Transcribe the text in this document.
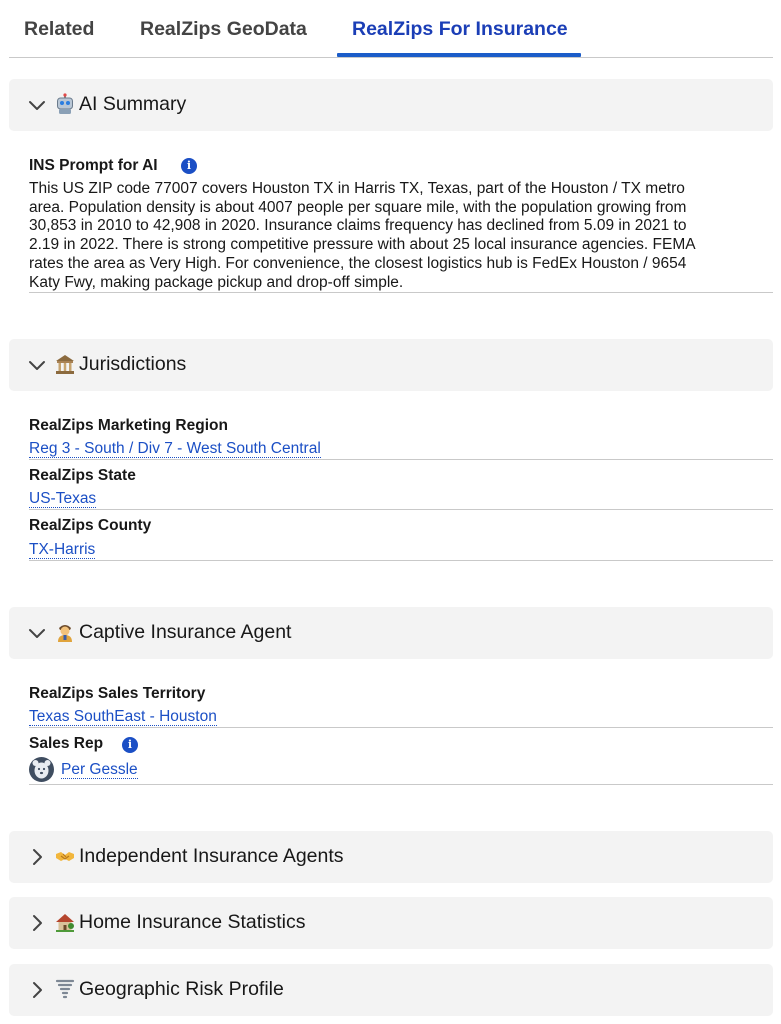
Related RealZips GeoData RealZips For Insurance
AI Summary
INS Prompt for AI	i
This US ZIP code 77007 covers Houston TX in Harris TX, Texas, part of the Houston / TX metro
area. Population density is about 4007 people per square mile, with the population growing from
30,853 in 2010 to 42,908 in 2020. Insurance claims frequency has declined from 5.09 in 2021 to
2.19 in 2022. There is strong competitive pressure with about 25 local insurance agencies. FEMA
rates the area as Very High. For convenience, the closest logistics hub is FedEx Houston / 9654
Katy Fwy, making package pickup and drop-off simple.
Jurisdictions
RealZips Marketing Region
Reg 3 - South / Div 7 - West South Central
RealZips State
US-Texas
RealZips County
TX-Harris
Captive Insurance Agent
RealZips Sales Territory
Texas SouthEast - Houston
Sales Rep	i
Per Gessle
Independent Insurance Agents
Home Insurance Statistics
Geographic Risk Profile
